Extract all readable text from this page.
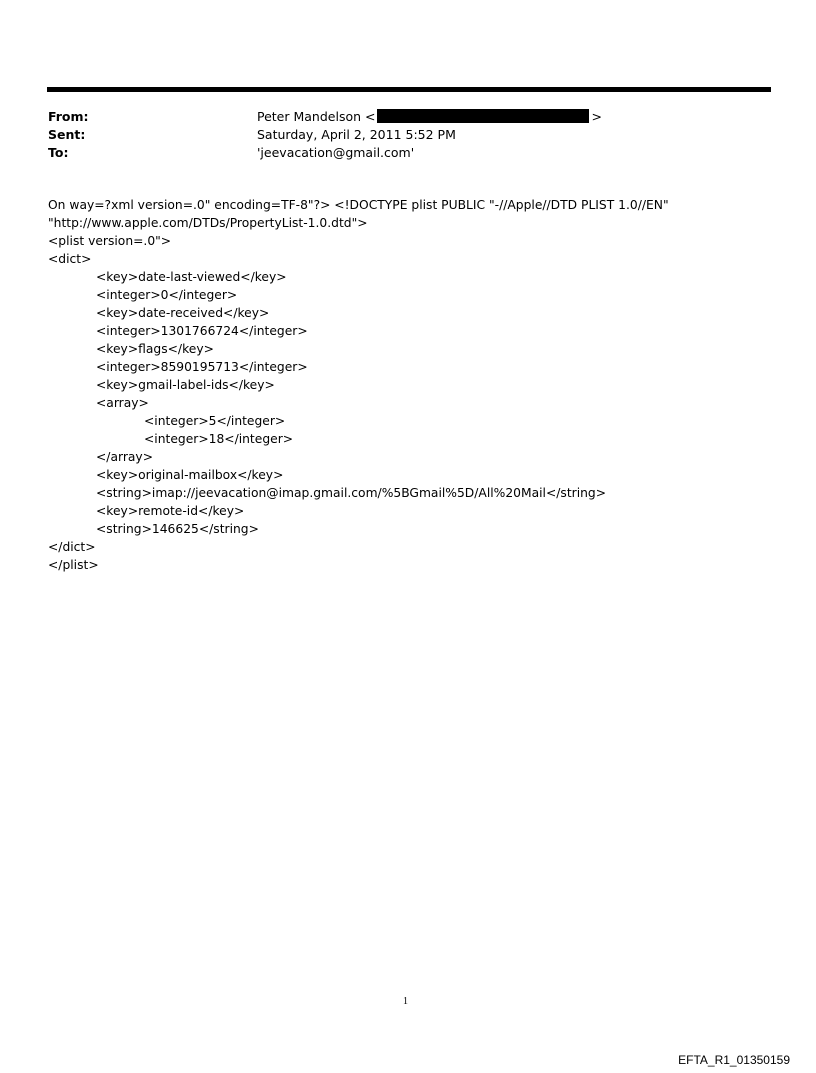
From:	Peter Mandelson <	>
Sent:	Saturday, April 2, 2011 5:52 PM
To:	'jeevacation@gmail.com'
On way=?xml version=.0" encoding=TF-8"?> <!DOCTYPE plist PUBLIC "-//Apple//DTD PLIST 1.0//EN"
"http://www.apple.com/DTDs/PropertyList-1.0.dtd">
<plist version=.0">
<dict>
<key>date-last-viewed</key>
<integer>0</integer>
<key>date-received</key>
<integer>1301766724</integer>
<key>flags</key>
<integer>8590195713</integer>
<key>gmail-label-ids</key>
<array>
<integer>5</integer>
<integer>18</integer>
</array>
<key>original-mailbox</key>
<string>imap://jeevacation@imap.gmail.com/%5BGmail%5D/All%20Mail</string>
<key>remote-id</key>
<string>146625</string>
</dict>
</plist>
1
EFTA_R1_01350159
